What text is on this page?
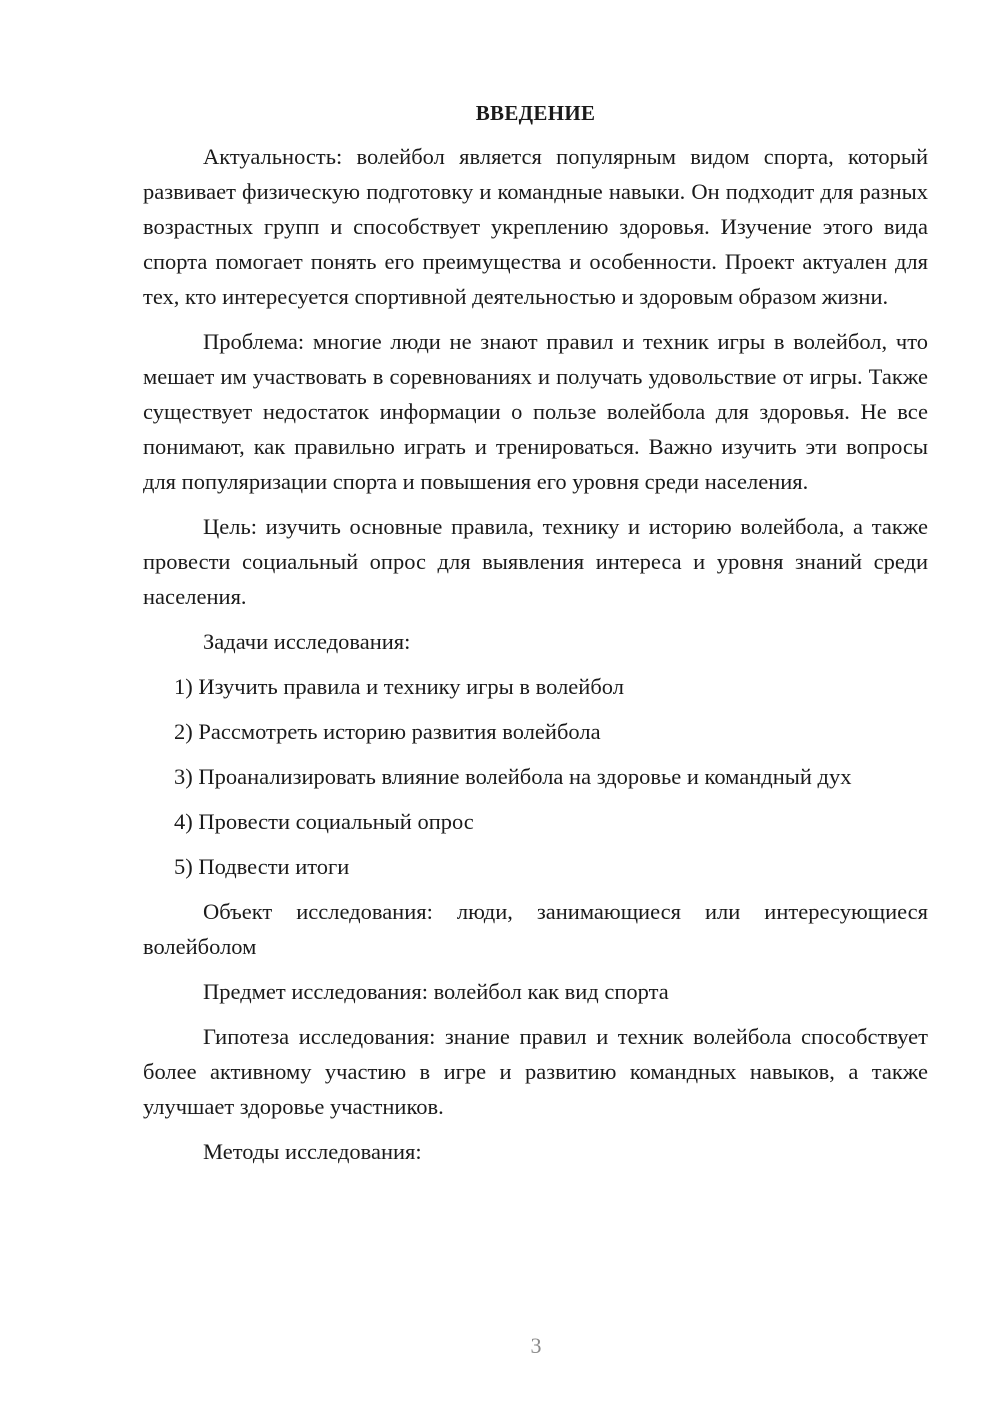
ВВЕДЕНИЕ

Актуальность: волейбол является популярным видом спорта, который развивает физическую подготовку и командные навыки. Он подходит для разных возрастных групп и способствует укреплению здоровья. Изучение этого вида спорта помогает понять его преимущества и особенности. Проект актуален для тех, кто интересуется спортивной деятельностью и здоровым образом жизни.

Проблема: многие люди не знают правил и техник игры в волейбол, что мешает им участвовать в соревнованиях и получать удовольствие от игры. Также существует недостаток информации о пользе волейбола для здоровья. Не все понимают, как правильно играть и тренироваться. Важно изучить эти вопросы для популяризации спорта и повышения его уровня среди населения.

Цель: изучить основные правила, технику и историю волейбола, а также провести социальный опрос для выявления интереса и уровня знаний среди населения.

Задачи исследования:

1) Изучить правила и технику игры в волейбол

2) Рассмотреть историю развития волейбола

3) Проанализировать влияние волейбола на здоровье и командный дух

4) Провести социальный опрос

5) Подвести итоги

Объект исследования: люди, занимающиеся или интересующиеся волейболом

Предмет исследования: волейбол как вид спорта

Гипотеза исследования: знание правил и техник волейбола способствует более активному участию в игре и развитию командных навыков, а также улучшает здоровье участников.

Методы исследования:

3
